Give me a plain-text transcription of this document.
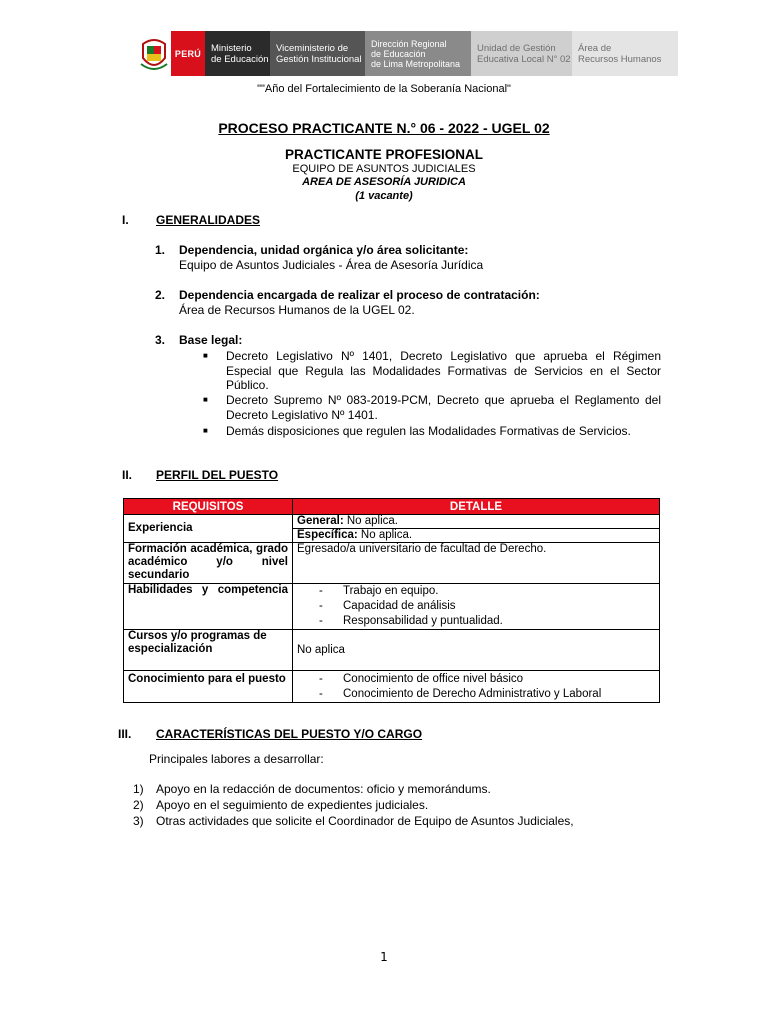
PERÚ	Ministerio
de Educación
Viceministerio de
Gestión Institucional
Dirección Regional
de Educación
de Lima Metropolitana
Unidad de Gestión
Educativa Local N° 02
Área de
Recursos Humanos
""Año del Fortalecimiento de la Soberanía Nacional"
PROCESO PRACTICANTE N.° 06 - 2022 - UGEL 02
PRACTICANTE PROFESIONAL
EQUIPO DE ASUNTOS JUDICIALES
AREA DE ASESORÍA JURIDICA
(1 vacante)
I. GENERALIDADES
1. Dependencia, unidad orgánica y/o área solicitante:
Equipo de Asuntos Judiciales - Área de Asesoría Jurídica
2. Dependencia encargada de realizar el proceso de contratación:
Área de Recursos Humanos de la UGEL 02.
3. Base legal:
■ Decreto Legislativo Nº 1401, Decreto Legislativo que aprueba el Régimen Especial que Regula las Modalidades Formativas de Servicios en el Sector Público.
■ Decreto Supremo Nº 083-2019-PCM, Decreto que aprueba el Reglamento del Decreto Legislativo Nº 1401.
■ Demás disposiciones que regulen las Modalidades Formativas de Servicios.
II. PERFIL DEL PUESTO
REQUISITOS	DETALLE
Experiencia	General: No aplica.
	Específica: No aplica.

Formación académica, grado académico y/o nivel secundario	Egresado/a universitario de facultad de Derecho.

Habilidades y competencia	- Trabajo en equipo.
- Capacidad de análisis
- Responsabilidad y puntualidad.

Cursos y/o programas de especialización	No aplica
Conocimiento para el puesto	- Conocimiento de office nivel básico
- Conocimiento de Derecho Administrativo y Laboral
III. CARACTERÍSTICAS DEL PUESTO Y/O CARGO
Principales labores a desarrollar:
1) Apoyo en la redacción de documentos: oficio y memorándums.
2) Apoyo en el seguimiento de expedientes judiciales.
3) Otras actividades que solicite el Coordinador de Equipo de Asuntos Judiciales,
1
